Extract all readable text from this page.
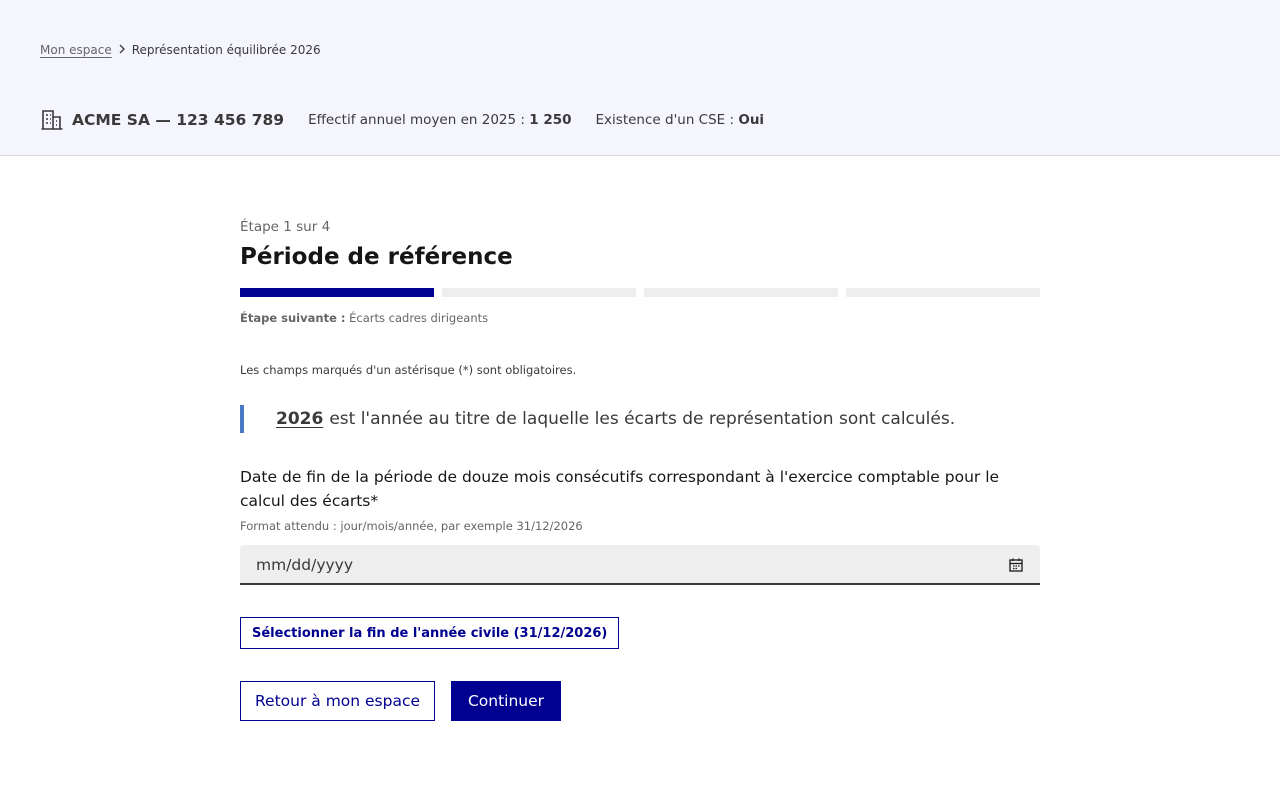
Mon espace Représentation équilibrée 2026
ACME SA — 123 456 789 Effectif annuel moyen en 2025 : 1 250 Existence d'un CSE : Oui
Étape 1 sur 4
Période de référence
Étape suivante : Écarts cadres dirigeants

Les champs marqués d'un astérisque (*) sont obligatoires.

2026 est l'année au titre de laquelle les écarts de représentation sont calculés.
Date de fin de la période de douze mois consécutifs correspondant à l'exercice comptable pour le calcul des écarts*
Format attendu : jour/mois/année, par exemple 31/12/2026
mm/dd/yyyy
Sélectionner la fin de l'année civile (31/12/2026)
Retour à mon espace	Continuer
